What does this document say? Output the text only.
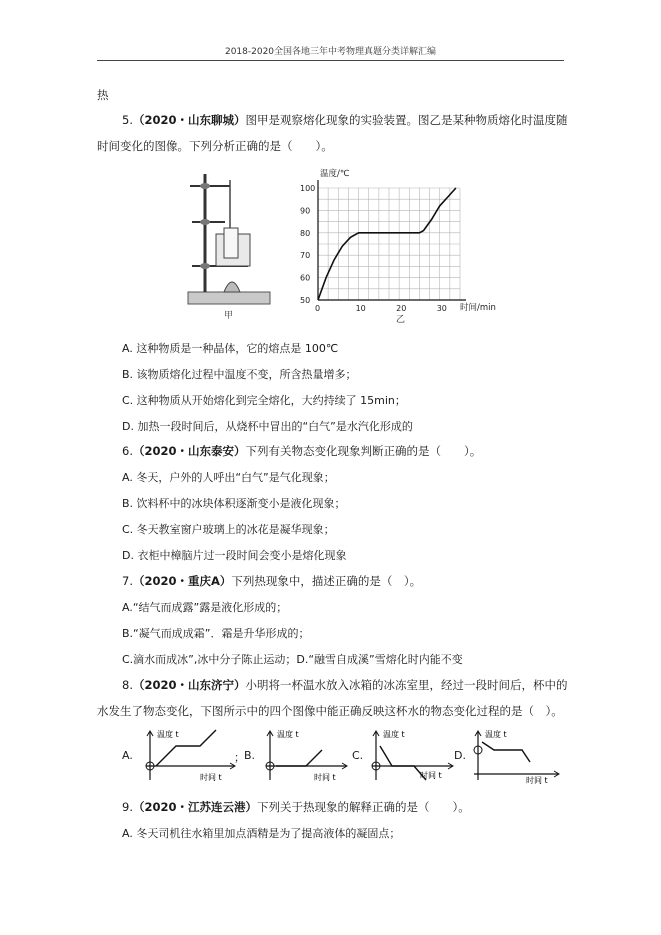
2018-2020全国各地三年中考物理真题分类详解汇编
热
5.（2020・山东聊城）图甲是观察熔化现象的实验装置。图乙是某种物质熔化时温度随
时间变化的图像。下列分析正确的是（　　）。
甲
0	10	20	30
50
60
70
80
90
100
温度/℃
时间/min
乙
A. 这种物质是一种晶体，它的熔点是 100℃
B. 该物质熔化过程中温度不变，所含热量增多；
C. 这种物质从开始熔化到完全熔化，大约持续了 15min；
D. 加热一段时间后，从烧杯中冒出的“白气”是水汽化形成的
6.（2020・山东泰安）下列有关物态变化现象判断正确的是（　　）。
A. 冬天，户外的人呼出“白气”是气化现象；
B. 饮料杯中的冰块体积逐渐变小是液化现象；
C. 冬天教室窗户玻璃上的冰花是凝华现象；
D. 衣柜中樟脑片过一段时间会变小是熔化现象
7.（2020・重庆A）下列热现象中，描述正确的是（　）。
A.“结气而成露”露是液化形成的；
B.“凝气而成成霜”．霜是升华形成的；
C.滴水而成冰”,冰中分子陈止运动；D.“融雪自成溪”雪熔化时内能不变
8.（2020・山东济宁）小明将一杯温水放入冰箱的冰冻室里，经过一段时间后，杯中的
水发生了物态变化，下图所示中的四个图像中能正确反映这杯水的物态变化过程的是（　）。
A.
温度 t
时间 t
； B.
温度 t
时间 t
C.
温度 t
时间 t
D.
温度 t
时间 t
9.（2020・江苏连云港）下列关于热现象的解释正确的是（　　）。
A. 冬天司机往水箱里加点酒精是为了提高液体的凝固点；
